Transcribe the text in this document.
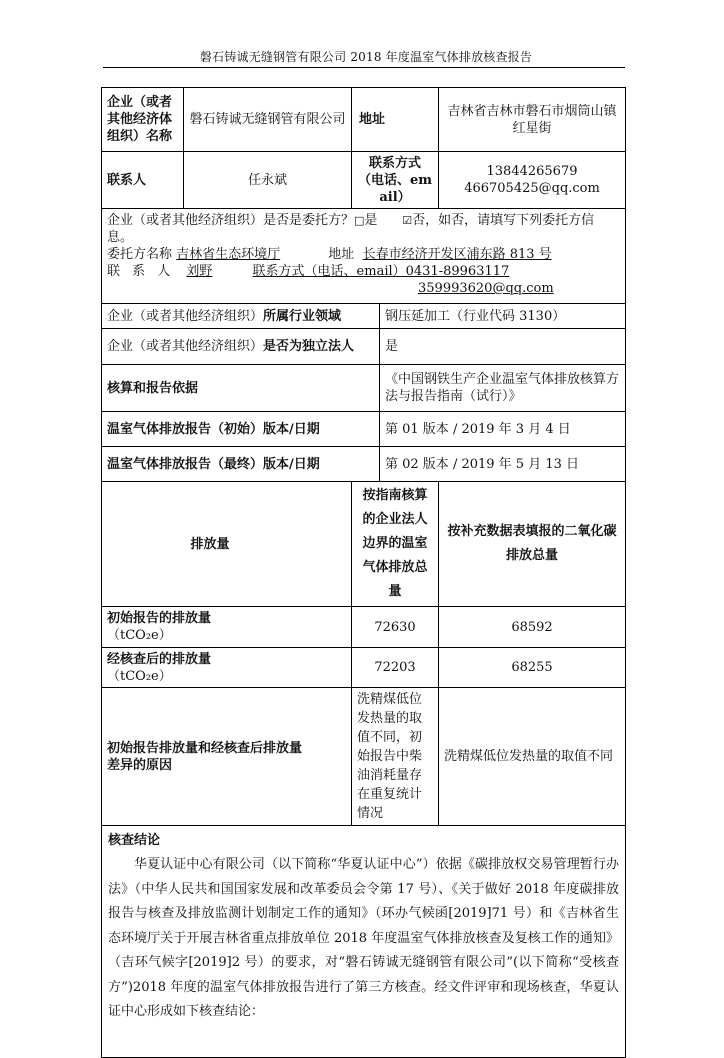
磐石铸诚无缝钢管有限公司 2018 年度温室气体排放核查报告
企业（或者其他经济体组织）名称	磐石铸诚无缝钢管有限公司	地址		吉林省吉林市磐石市烟筒山镇红星街
联系人	任永斌	联系方式（电话、email）		13844265679
466705425@qq.com

企业（或者其他经济组织）是否是委托方？□是 ☑否，如否，请填写下列委托方信息。
委托方名称 吉林省生态环境厅 地址 长春市经济开发区浦东路 813 号
联 系 人 刘野 联系方式（电话、email）0431-89963117
359993620@qq.com				

企业（或者其他经济组织）所属行业领域			钢压延加工（行业代码 3130）	
企业（或者其他经济组织）是否为独立法人			是	
核算和报告依据			《中国钢铁生产企业温室气体排放核算方法与报告指南（试行）》	
温室气体排放报告（初始）版本/日期			第 01 版本 / 2019 年 3 月 4 日	
温室气体排放报告（最终）版本/日期			第 02 版本 / 2019 年 5 月 13 日	
排放量		按指南核算的企业法人边界的温室气体排放总量		按补充数据表填报的二氧化碳排放总量

初始报告的排放量
（tCO₂e）		72630		68592

经核查后的排放量
（tCO₂e）		72203		68255
初始报告排放量和经核查后排放量差异的原因		洗精煤低位发热量的取值不同，初始报告中柴油消耗量存在重复统计情况		洗精煤低位发热量的取值不同

核查结论

华夏认证中心有限公司（以下简称“华夏认证中心”）依据《碳排放权交易管理暂行办法》（中华人民共和国国家发展和改革委员会令第 17 号）、《关于做好 2018 年度碳排放报告与核查及排放监测计划制定工作的通知》（环办气候函[2019]71 号）和《吉林省生态环境厅关于开展吉林省重点排放单位 2018 年度温室气体排放核查及复核工作的通知》（吉环气候字[2019]2 号）的要求，对“磐石铸诚无缝钢管有限公司”(以下简称“受核查方”)2018 年度的温室气体排放报告进行了第三方核查。经文件评审和现场核查，华夏认证中心形成如下核查结论：				
